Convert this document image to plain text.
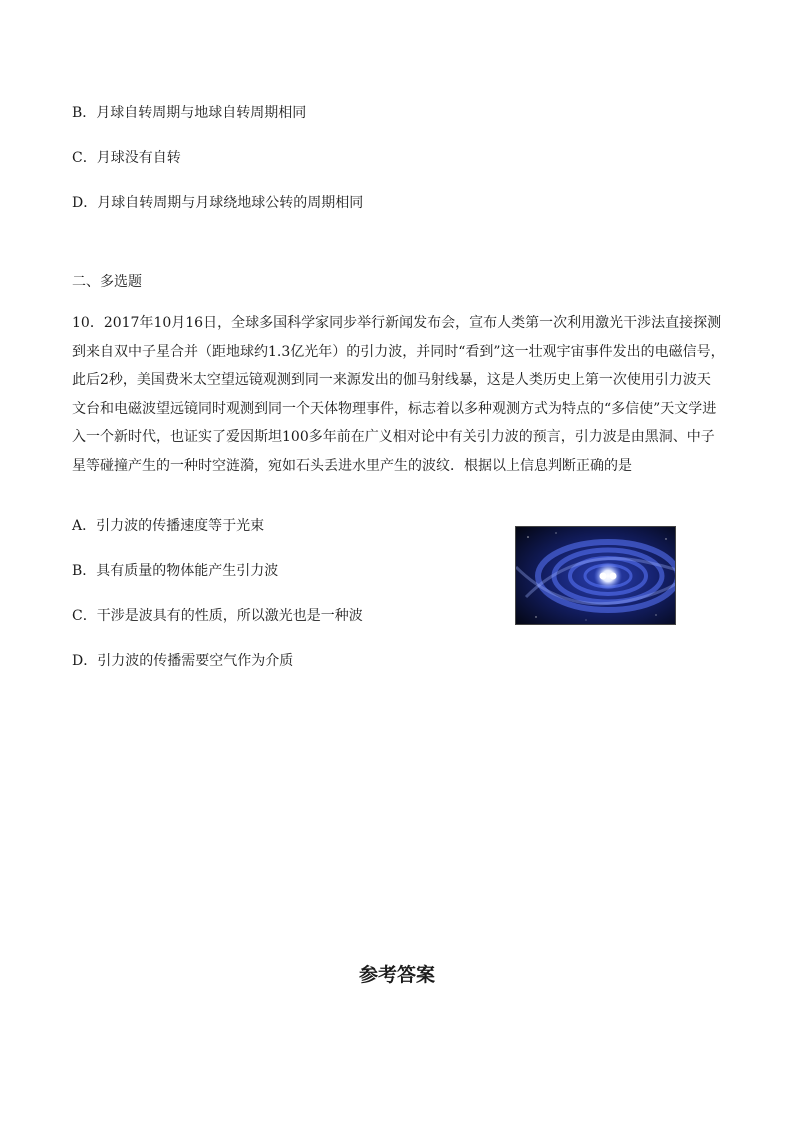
B．月球自转周期与地球自转周期相同
C．月球没有自转
D．月球自转周期与月球绕地球公转的周期相同
二、多选题
10．2017年10月16日，全球多国科学家同步举行新闻发布会，宣布人类第一次利用激光干涉法直接探测
到来自双中子星合并（距地球约1.3亿光年）的引力波，并同时“看到”这一壮观宇宙事件发出的电磁信号，
此后2秒，美国费米太空望远镜观测到同一来源发出的伽马射线暴，这是人类历史上第一次使用引力波天
文台和电磁波望远镜同时观测到同一个天体物理事件，标志着以多种观测方式为特点的“多信使”天文学进
入一个新时代，也证实了爱因斯坦100多年前在广义相对论中有关引力波的预言，引力波是由黑洞、中子
星等碰撞产生的一种时空涟漪，宛如石头丢进水里产生的波纹．根据以上信息判断正确的是
A．引力波的传播速度等于光束
B．具有质量的物体能产生引力波
C．干涉是波具有的性质，所以激光也是一种波
D．引力波的传播需要空气作为介质
参考答案
